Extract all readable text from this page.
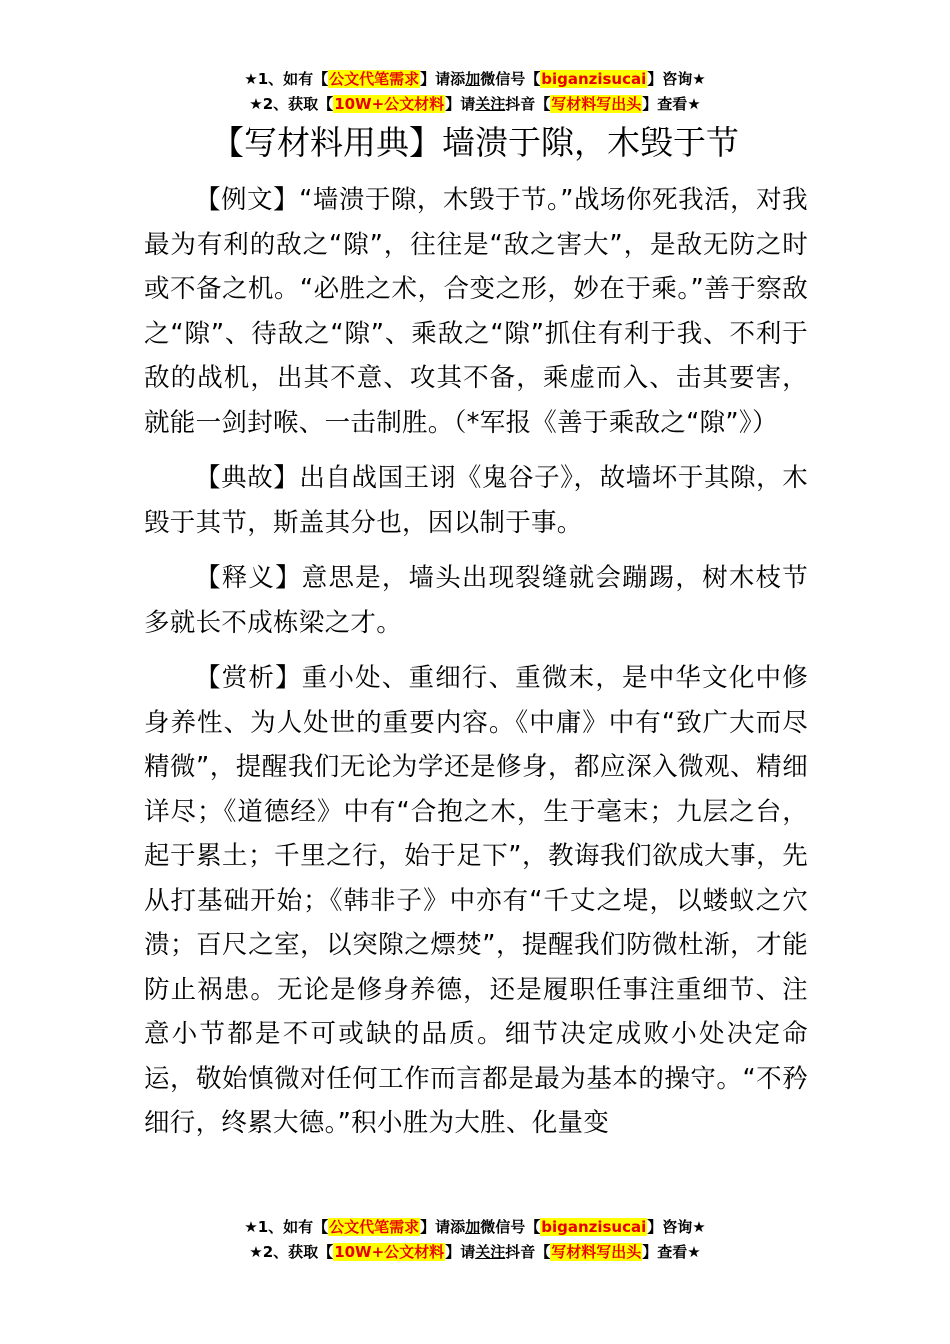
★1、如有【公文代笔需求】请添加微信号【biganzisucai】咨询★
★2、获取【10W+公文材料】请关注抖音【写材料写出头】查看★
【写材料用典】墙溃于隙，木毁于节

【例文】“墙溃于隙，木毁于节。”战场你死我活，对我最为有利的敌之“隙”，往往是“敌之害大”，是敌无防之时或不备之机。“必胜之术，合变之形，妙在于乘。”善于察敌之“隙”、待敌之“隙”、乘敌之“隙”抓住有利于我、不利于敌的战机，出其不意、攻其不备，乘虚而入、击其要害，就能一剑封喉、一击制胜。（*军报《善于乘敌之“隙”》）

【典故】出自战国王诩《鬼谷子》，故墙坏于其隙，木毁于其节，斯盖其分也，因以制于事。

【释义】意思是，墙头出现裂缝就会蹦踢，树木枝节多就长不成栋梁之才。

【赏析】重小处、重细行、重微末，是中华文化中修身养性、为人处世的重要内容。《中庸》中有“致广大而尽精微”，提醒我们无论为学还是修身，都应深入微观、精细详尽；《道德经》中有“合抱之木，生于毫末；九层之台，起于累土；千里之行，始于足下”，教诲我们欲成大事，先从打基础开始；《韩非子》中亦有“千丈之堤，以蝼蚁之穴溃；百尺之室，以突隙之熛焚”，提醒我们防微杜渐，才能防止祸患。无论是修身养德，还是履职任事注重细节、注意小节都是不可或缺的品质。细节决定成败小处决定命运，敬始慎微对任何工作而言都是最为基本的操守。“不矜细行，终累大德。”积小胜为大胜、化量变

★1、如有【公文代笔需求】请添加微信号【biganzisucai】咨询★
★2、获取【10W+公文材料】请关注抖音【写材料写出头】查看★
